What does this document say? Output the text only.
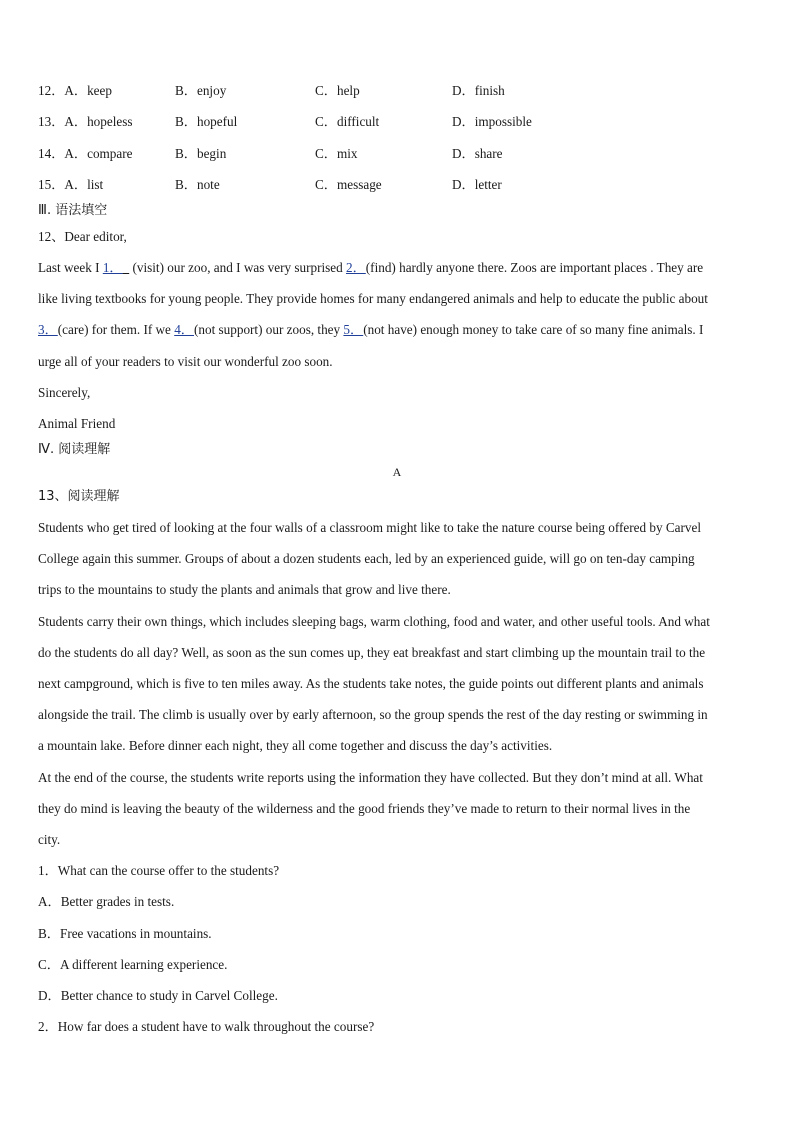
12．A．keep	B．enjoy	C．help	D．finish
13．A．hopeless	B．hopeful	C．difficult	D．impossible
14．A．compare	B．begin	C．mix	D．share
15．A．list	B．note	C．message	D．letter
Ⅲ. 语法填空
12、Dear editor,
Last week I 1．   (visit) our zoo, and I was very surprised 2．(find) hardly anyone there. Zoos are important places . They are
like living textbooks for young people. They provide homes for many endangered animals and help to educate the public about
3．(care) for them. If we 4．(not support) our zoos, they 5．(not have) enough money to take care of so many fine animals. I
urge all of your readers to visit our wonderful zoo soon.
Sincerely,
Animal Friend
Ⅳ. 阅读理解
A
13、阅读理解
Students who get tired of looking at the four walls of a classroom might like to take the nature course being offered by Carvel
College again this summer. Groups of about a dozen students each, led by an experienced guide, will go on ten-day camping
trips to the mountains to study the plants and animals that grow and live there.
Students carry their own things, which includes sleeping bags, warm clothing, food and water, and other useful tools. And what
do the students do all day? Well, as soon as the sun comes up, they eat breakfast and start climbing up the mountain trail to the
next campground, which is five to ten miles away. As the students take notes, the guide points out different plants and animals
alongside the trail. The climb is usually over by early afternoon, so the group spends the rest of the day resting or swimming in
a mountain lake. Before dinner each night, they all come together and discuss the day’s activities.
At the end of the course, the students write reports using the information they have collected. But they don’t mind at all. What
they do mind is leaving the beauty of the wilderness and the good friends they’ve made to return to their normal lives in the
city.
1．What can the course offer to the students?
A．Better grades in tests.
B．Free vacations in mountains.
C．A different learning experience.
D．Better chance to study in Carvel College.
2．How far does a student have to walk throughout the course?
